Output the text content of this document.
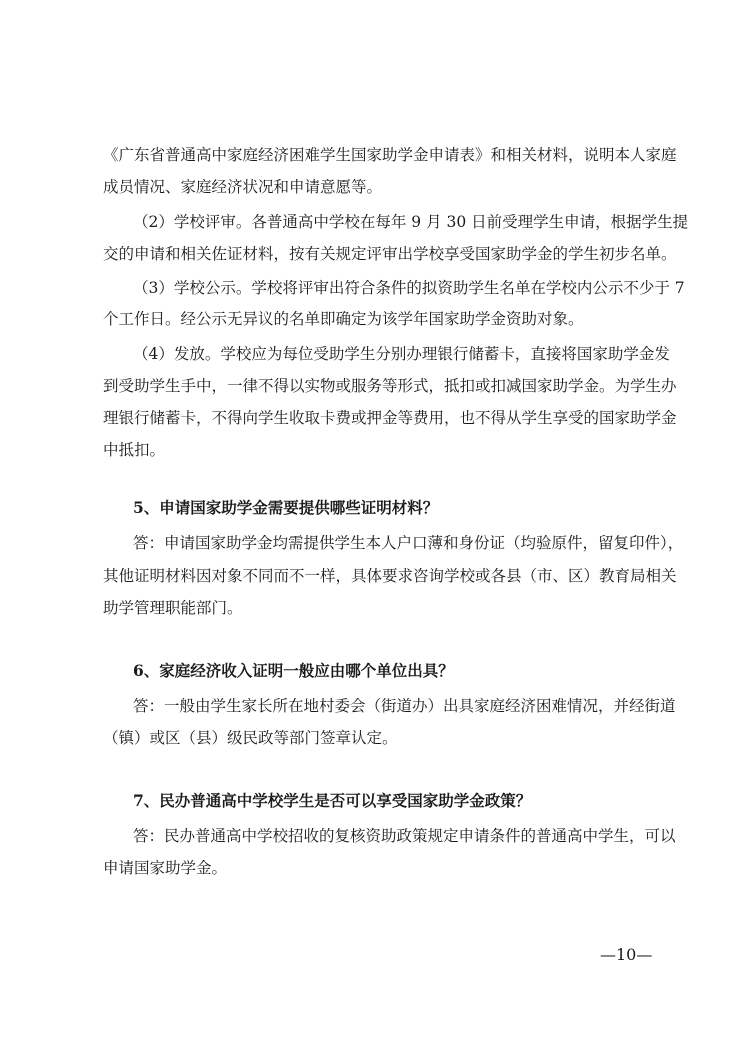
《广东省普通高中家庭经济困难学生国家助学金申请表》和相关材料，说明本人家庭
成员情况、家庭经济状况和申请意愿等。
（2）学校评审。各普通高中学校在每年 9 月 30 日前受理学生申请，根据学生提
交的申请和相关佐证材料，按有关规定评审出学校享受国家助学金的学生初步名单。
（3）学校公示。学校将评审出符合条件的拟资助学生名单在学校内公示不少于 7
个工作日。经公示无异议的名单即确定为该学年国家助学金资助对象。
（4）发放。学校应为每位受助学生分别办理银行储蓄卡，直接将国家助学金发
到受助学生手中，一律不得以实物或服务等形式，抵扣或扣减国家助学金。为学生办
理银行储蓄卡，不得向学生收取卡费或押金等费用，也不得从学生享受的国家助学金
中抵扣。
5、申请国家助学金需要提供哪些证明材料？
答：申请国家助学金均需提供学生本人户口薄和身份证（均验原件，留复印件），
其他证明材料因对象不同而不一样，具体要求咨询学校或各县（市、区）教育局相关
助学管理职能部门。
6、家庭经济收入证明一般应由哪个单位出具？
答：一般由学生家长所在地村委会（街道办）出具家庭经济困难情况，并经街道
（镇）或区（县）级民政等部门签章认定。
7、民办普通高中学校学生是否可以享受国家助学金政策？
答：民办普通高中学校招收的复核资助政策规定申请条件的普通高中学生，可以
申请国家助学金。
—10—
